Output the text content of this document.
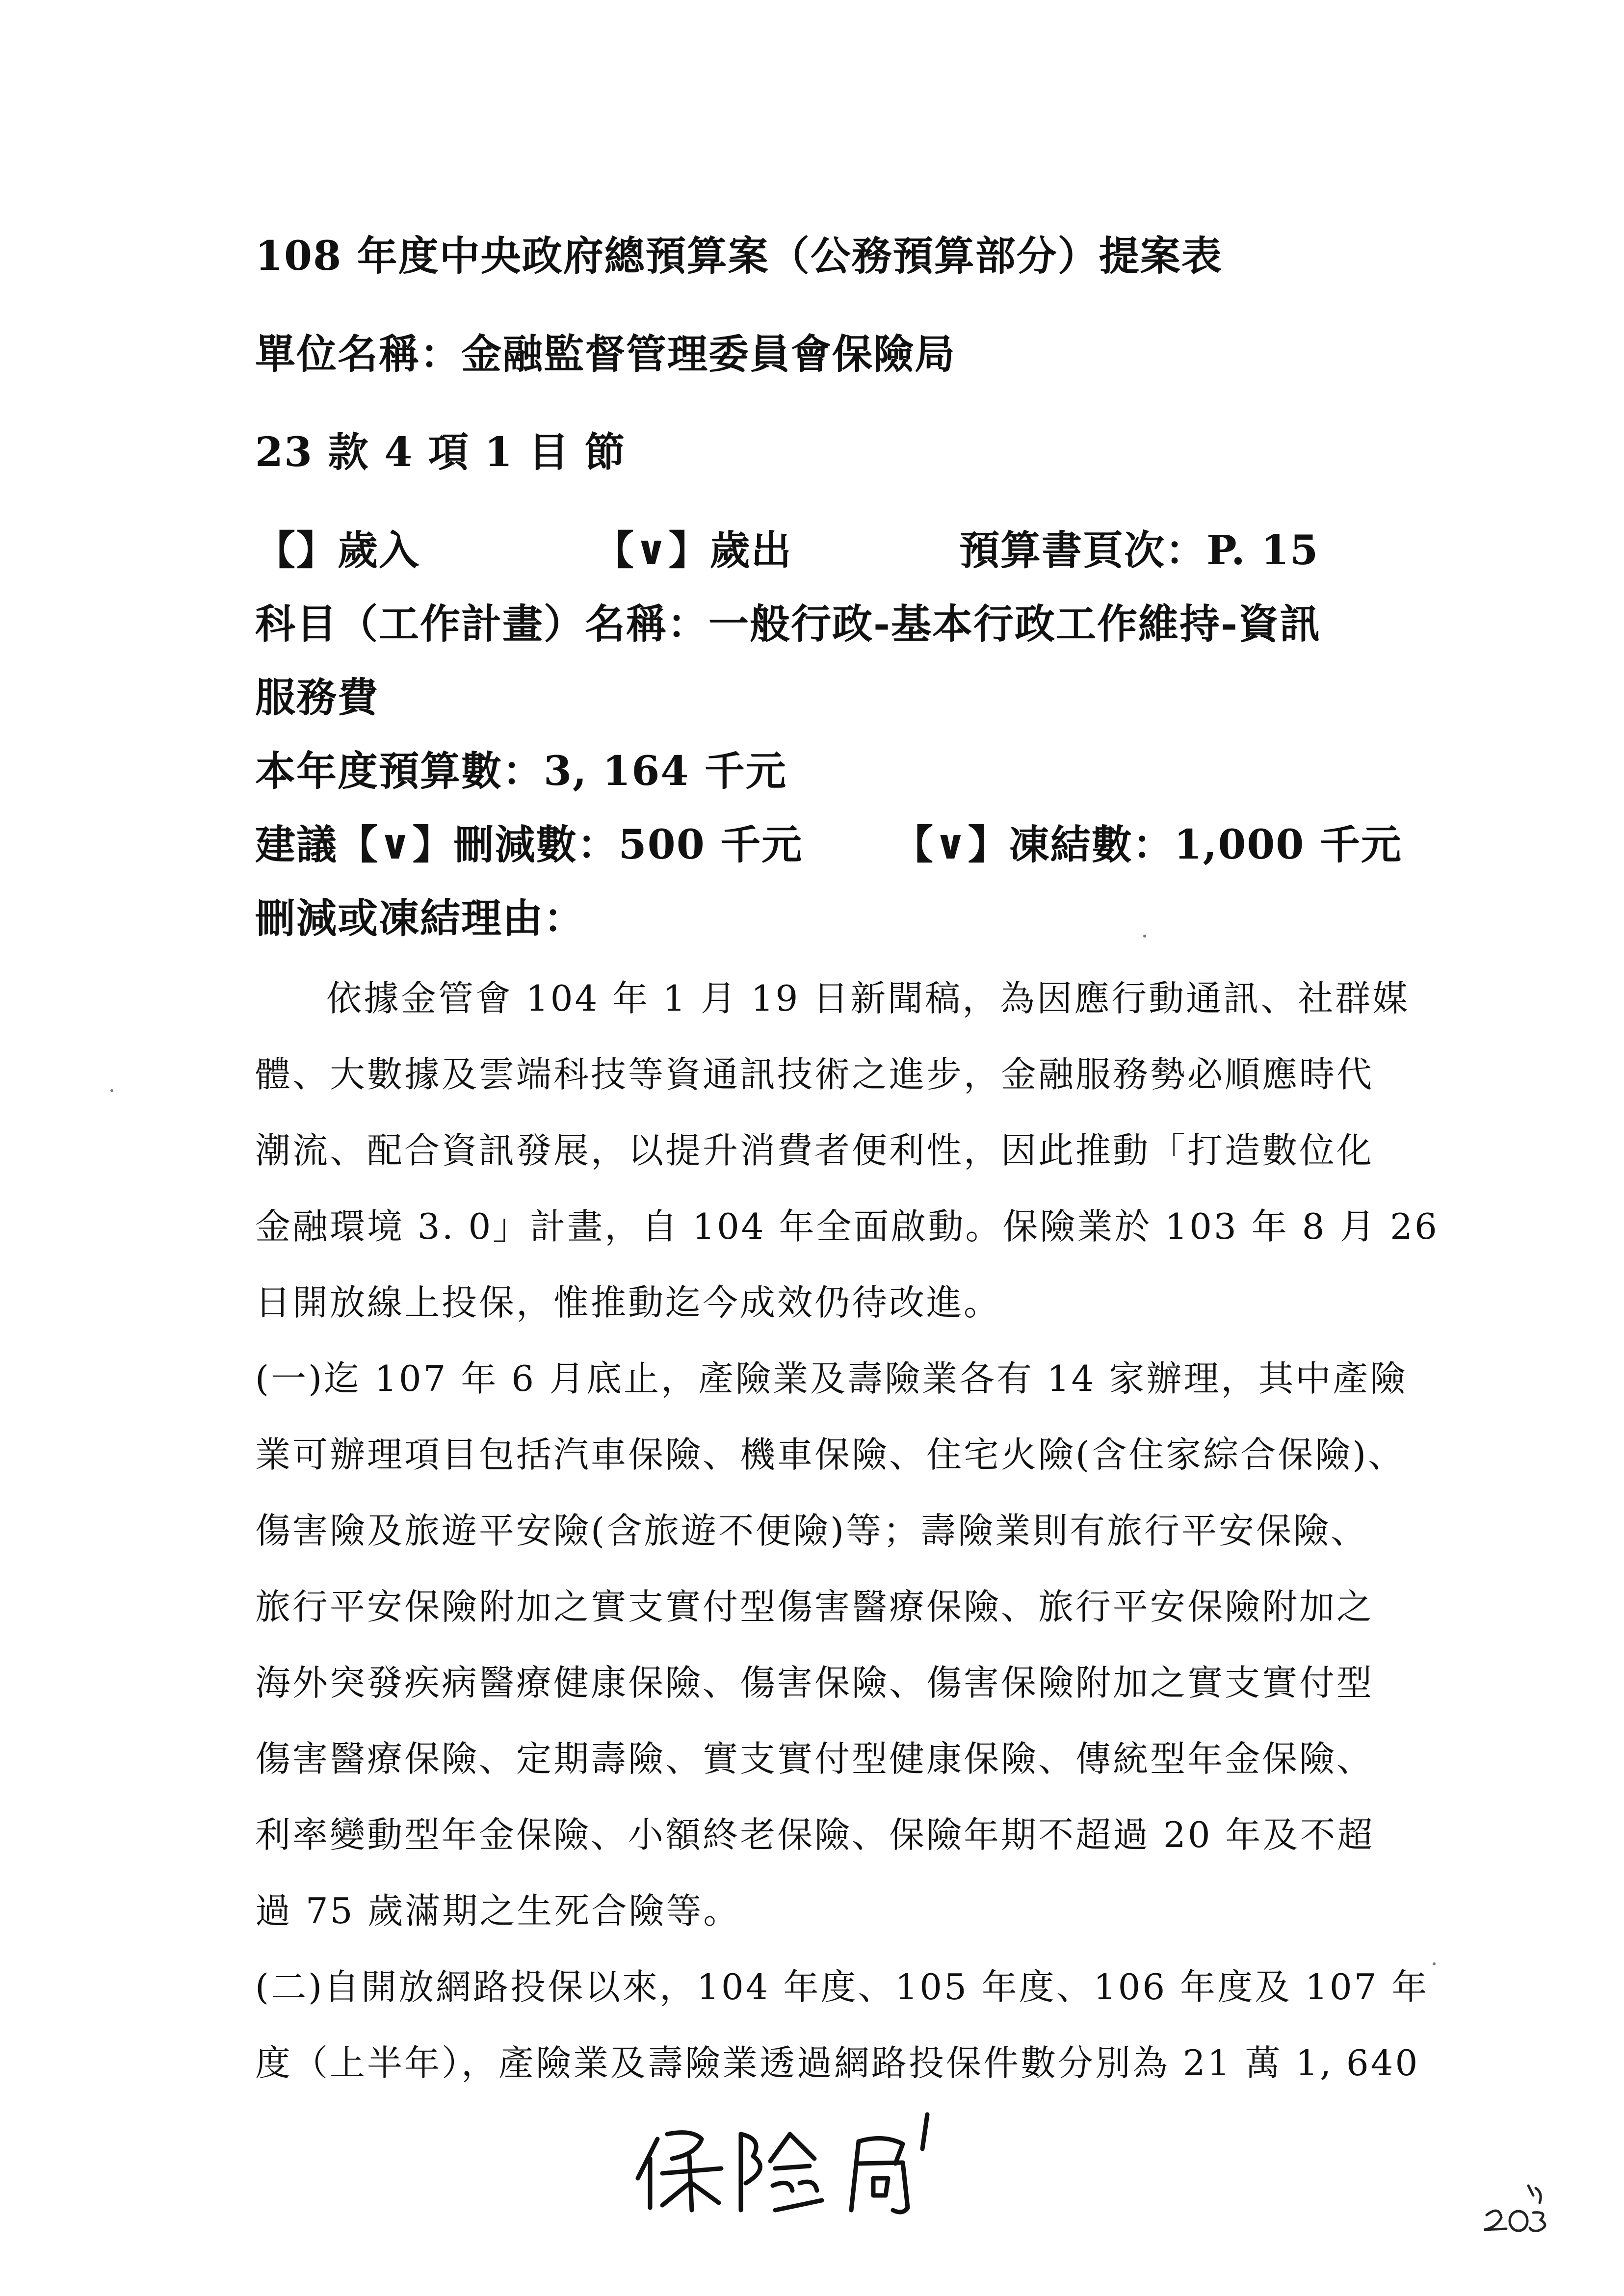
108 年度中央政府總預算案（公務預算部分）提案表
單位名稱：金融監督管理委員會保險局
23 款 4 項 1 目 節
【】歲入	【∨】歲出	預算書頁次：P. 15
科目（工作計畫）名稱：一般行政-基本行政工作維持-資訊
服務費
本年度預算數：3, 164 千元
建議【∨】刪減數：500 千元 【∨】凍結數：1,000 千元
刪減或凍結理由：
依據金管會 104 年 1 月 19 日新聞稿，為因應行動通訊、社群媒
體、大數據及雲端科技等資通訊技術之進步，金融服務勢必順應時代
潮流、配合資訊發展，以提升消費者便利性，因此推動「打造數位化
金融環境 3. 0」計畫，自 104 年全面啟動。保險業於 103 年 8 月 26
日開放線上投保，惟推動迄今成效仍待改進。
(一)迄 107 年 6 月底止，產險業及壽險業各有 14 家辦理，其中產險
業可辦理項目包括汽車保險、機車保險、住宅火險(含住家綜合保險)、
傷害險及旅遊平安險(含旅遊不便險)等；壽險業則有旅行平安保險、
旅行平安保險附加之實支實付型傷害醫療保險、旅行平安保險附加之
海外突發疾病醫療健康保險、傷害保險、傷害保險附加之實支實付型
傷害醫療保險、定期壽險、實支實付型健康保險、傳統型年金保險、
利率變動型年金保險、小額終老保險、保險年期不超過 20 年及不超
過 75 歲滿期之生死合險等。
(二)自開放網路投保以來，104 年度、105 年度、106 年度及 107 年
度（上半年），產險業及壽險業透過網路投保件數分別為 21 萬 1, 640
